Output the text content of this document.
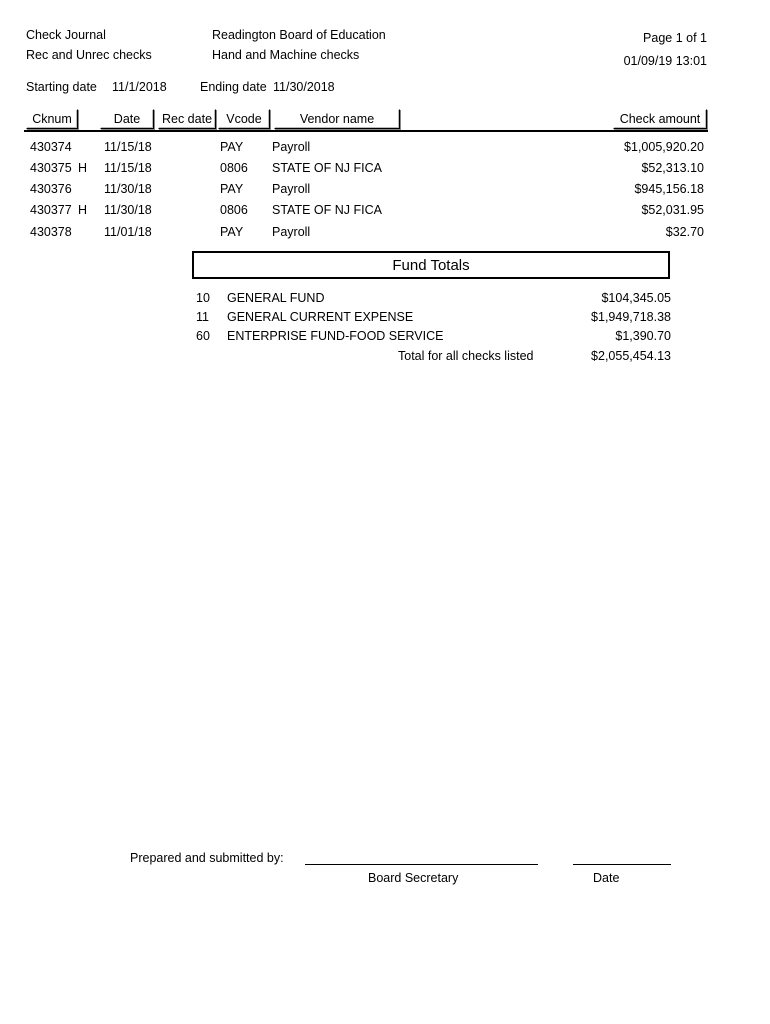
Check Journal
Rec and Unrec checks
Readington Board of Education
Hand and Machine checks
Page 1 of 1
01/09/19 13:01
Starting date 11/1/2018	Ending date 11/30/2018
Cknum	Date	Rec date	Vcode	Vendor name	Check amount
430374	11/15/18	PAY Payroll	$1,005,920.20
430375 H 11/15/18	0806 STATE OF NJ FICA	$52,313.10
430376	11/30/18	PAY Payroll	$945,156.18
430377 H 11/30/18	0806 STATE OF NJ FICA	$52,031.95
430378	11/01/18	PAY Payroll	$32.70
Fund Totals
10 GENERAL FUND	$104,345.05
11 GENERAL CURRENT EXPENSE	$1,949,718.38
60 ENTERPRISE FUND-FOOD SERVICE	$1,390.70
Total for all checks listed	$2,055,454.13
Prepared and submitted by:
Board Secretary	Date
